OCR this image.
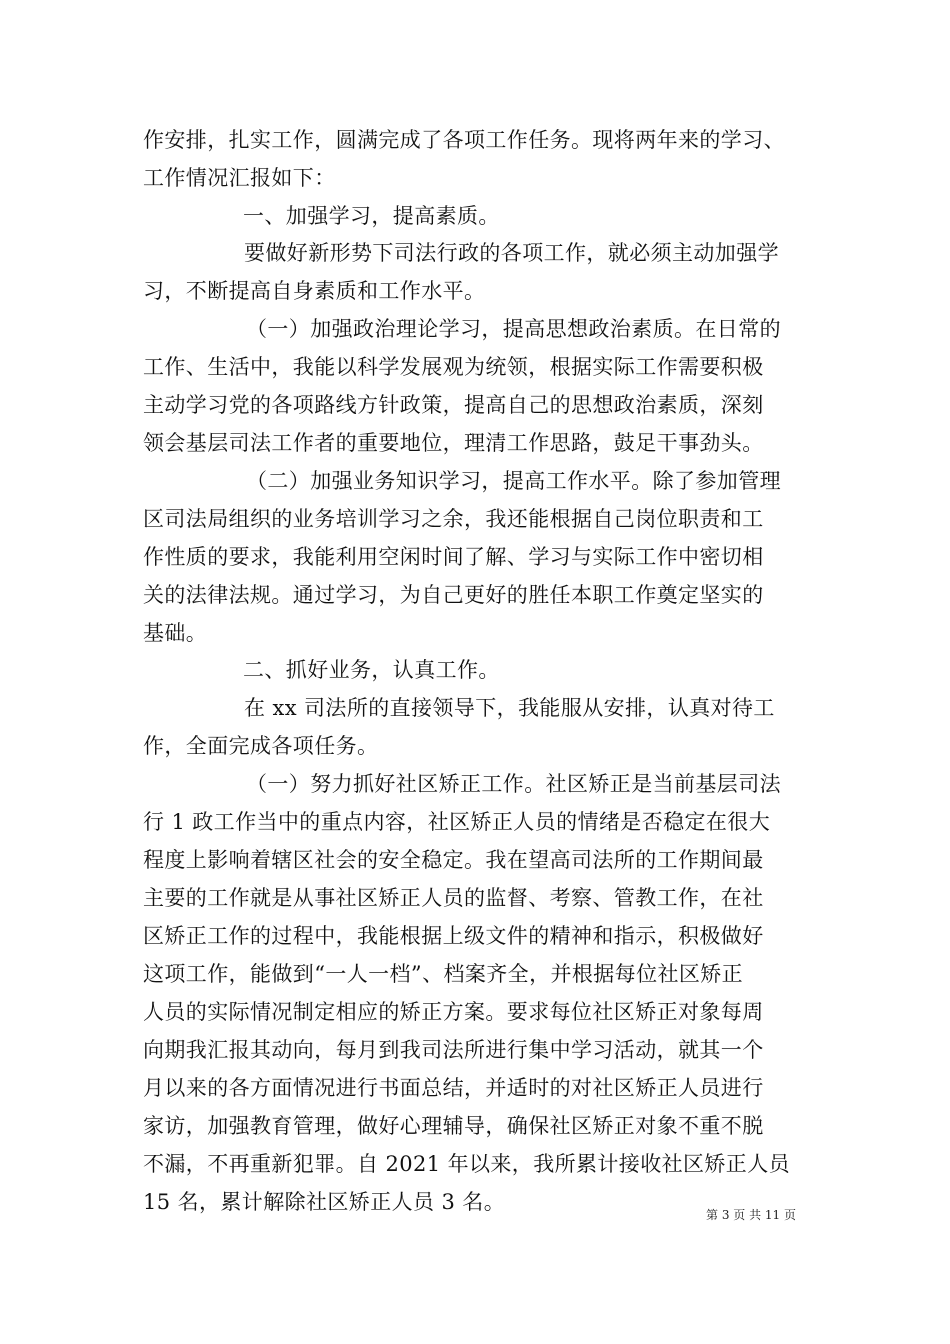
作安排，扎实工作，圆满完成了各项工作任务。现将两年来的学习、
工作情况汇报如下：
一、加强学习，提高素质。
要做好新形势下司法行政的各项工作，就必须主动加强学
习，不断提高自身素质和工作水平。
（一）加强政治理论学习，提高思想政治素质。在日常的
工作、生活中，我能以科学发展观为统领，根据实际工作需要积极
主动学习党的各项路线方针政策，提高自己的思想政治素质，深刻
领会基层司法工作者的重要地位，理清工作思路，鼓足干事劲头。
（二）加强业务知识学习，提高工作水平。除了参加管理
区司法局组织的业务培训学习之余，我还能根据自己岗位职责和工
作性质的要求，我能利用空闲时间了解、学习与实际工作中密切相
关的法律法规。通过学习，为自己更好的胜任本职工作奠定坚实的
基础。
二、抓好业务，认真工作。
在 xx 司法所的直接领导下，我能服从安排，认真对待工
作，全面完成各项任务。
（一）努力抓好社区矫正工作。社区矫正是当前基层司法
行 1 政工作当中的重点内容，社区矫正人员的情绪是否稳定在很大
程度上影响着辖区社会的安全稳定。我在望高司法所的工作期间最
主要的工作就是从事社区矫正人员的监督、考察、管教工作，在社
区矫正工作的过程中，我能根据上级文件的精神和指示，积极做好
这项工作，能做到“一人一档”、档案齐全，并根据每位社区矫正
人员的实际情况制定相应的矫正方案。要求每位社区矫正对象每周
向期我汇报其动向，每月到我司法所进行集中学习活动，就其一个
月以来的各方面情况进行书面总结，并适时的对社区矫正人员进行
家访，加强教育管理，做好心理辅导，确保社区矫正对象不重不脱
不漏，不再重新犯罪。自 2021 年以来，我所累计接收社区矫正人员
15 名，累计解除社区矫正人员 3 名。
第 3 页 共 11 页
